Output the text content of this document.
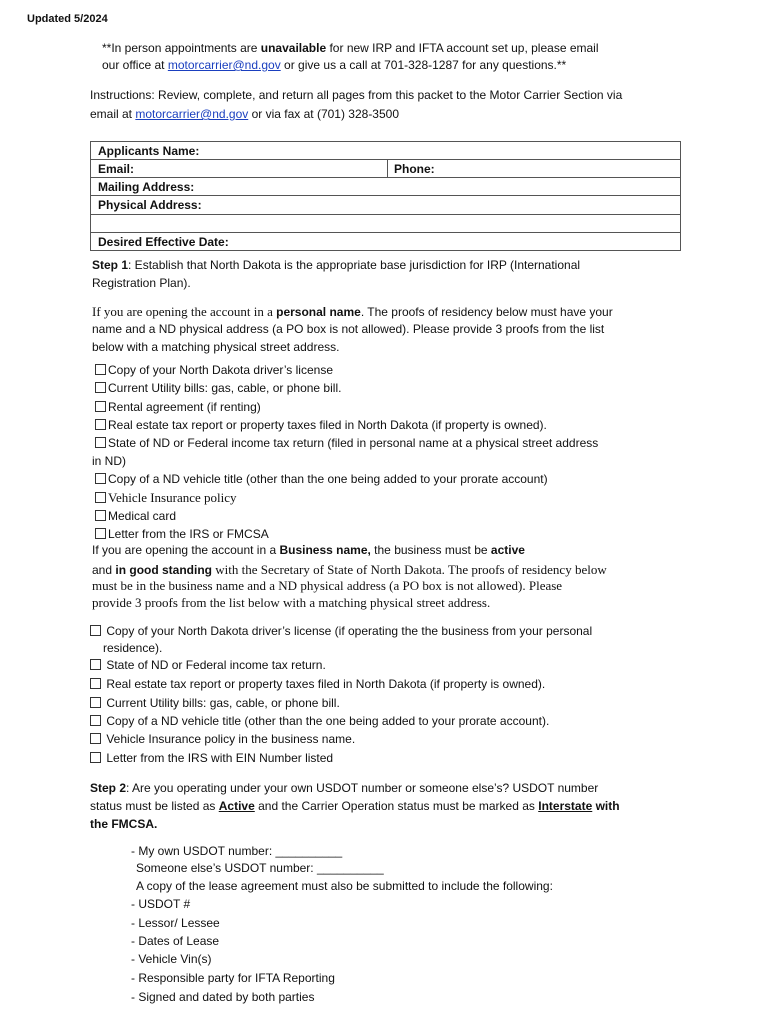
Updated 5/2024
**In person appointments are unavailable for new IRP and IFTA account set up, please email
our office at motorcarrier@nd.gov or give us a call at 701-328-1287 for any questions.**
Instructions: Review, complete, and return all pages from this packet to the Motor Carrier Section via
email at motorcarrier@nd.gov or via fax at (701) 328-3500
Applicants Name:
Email:	Phone:
Mailing Address:
Physical Address:
Desired Effective Date:
Step 1: Establish that North Dakota is the appropriate base jurisdiction for IRP (International
Registration Plan).
If you are opening the account in a personal name. The proofs of residency below must have your
name and a ND physical address (a PO box is not allowed). Please provide 3 proofs from the list
below with a matching physical street address.
Copy of your North Dakota driver’s license
Current Utility bills: gas, cable, or phone bill.
Rental agreement (if renting)
Real estate tax report or property taxes filed in North Dakota (if property is owned).
State of ND or Federal income tax return (filed in personal name at a physical street address
in ND)
Copy of a ND vehicle title (other than the one being added to your prorate account)
Vehicle Insurance policy
Medical card
Letter from the IRS or FMCSA
If you are opening the account in a Business name, the business must be active
and in good standing with the Secretary of State of North Dakota. The proofs of residency below
must be in the business name and a ND physical address (a PO box is not allowed). Please
provide 3 proofs from the list below with a matching physical street address.
Copy of your North Dakota driver’s license (if operating the the business from your personal
residence).
State of ND or Federal income tax return.
Real estate tax report or property taxes filed in North Dakota (if property is owned).
Current Utility bills: gas, cable, or phone bill.
Copy of a ND vehicle title (other than the one being added to your prorate account).
Vehicle Insurance policy in the business name.
Letter from the IRS with EIN Number listed
Step 2: Are you operating under your own USDOT number or someone else’s? USDOT number
status must be listed as Active and the Carrier Operation status must be marked as Interstate with
the FMCSA.
- My own USDOT number: __________
Someone else’s USDOT number: __________
A copy of the lease agreement must also be submitted to include the following:
- USDOT #
- Lessor/ Lessee
- Dates of Lease
- Vehicle Vin(s)
- Responsible party for IFTA Reporting
- Signed and dated by both parties
